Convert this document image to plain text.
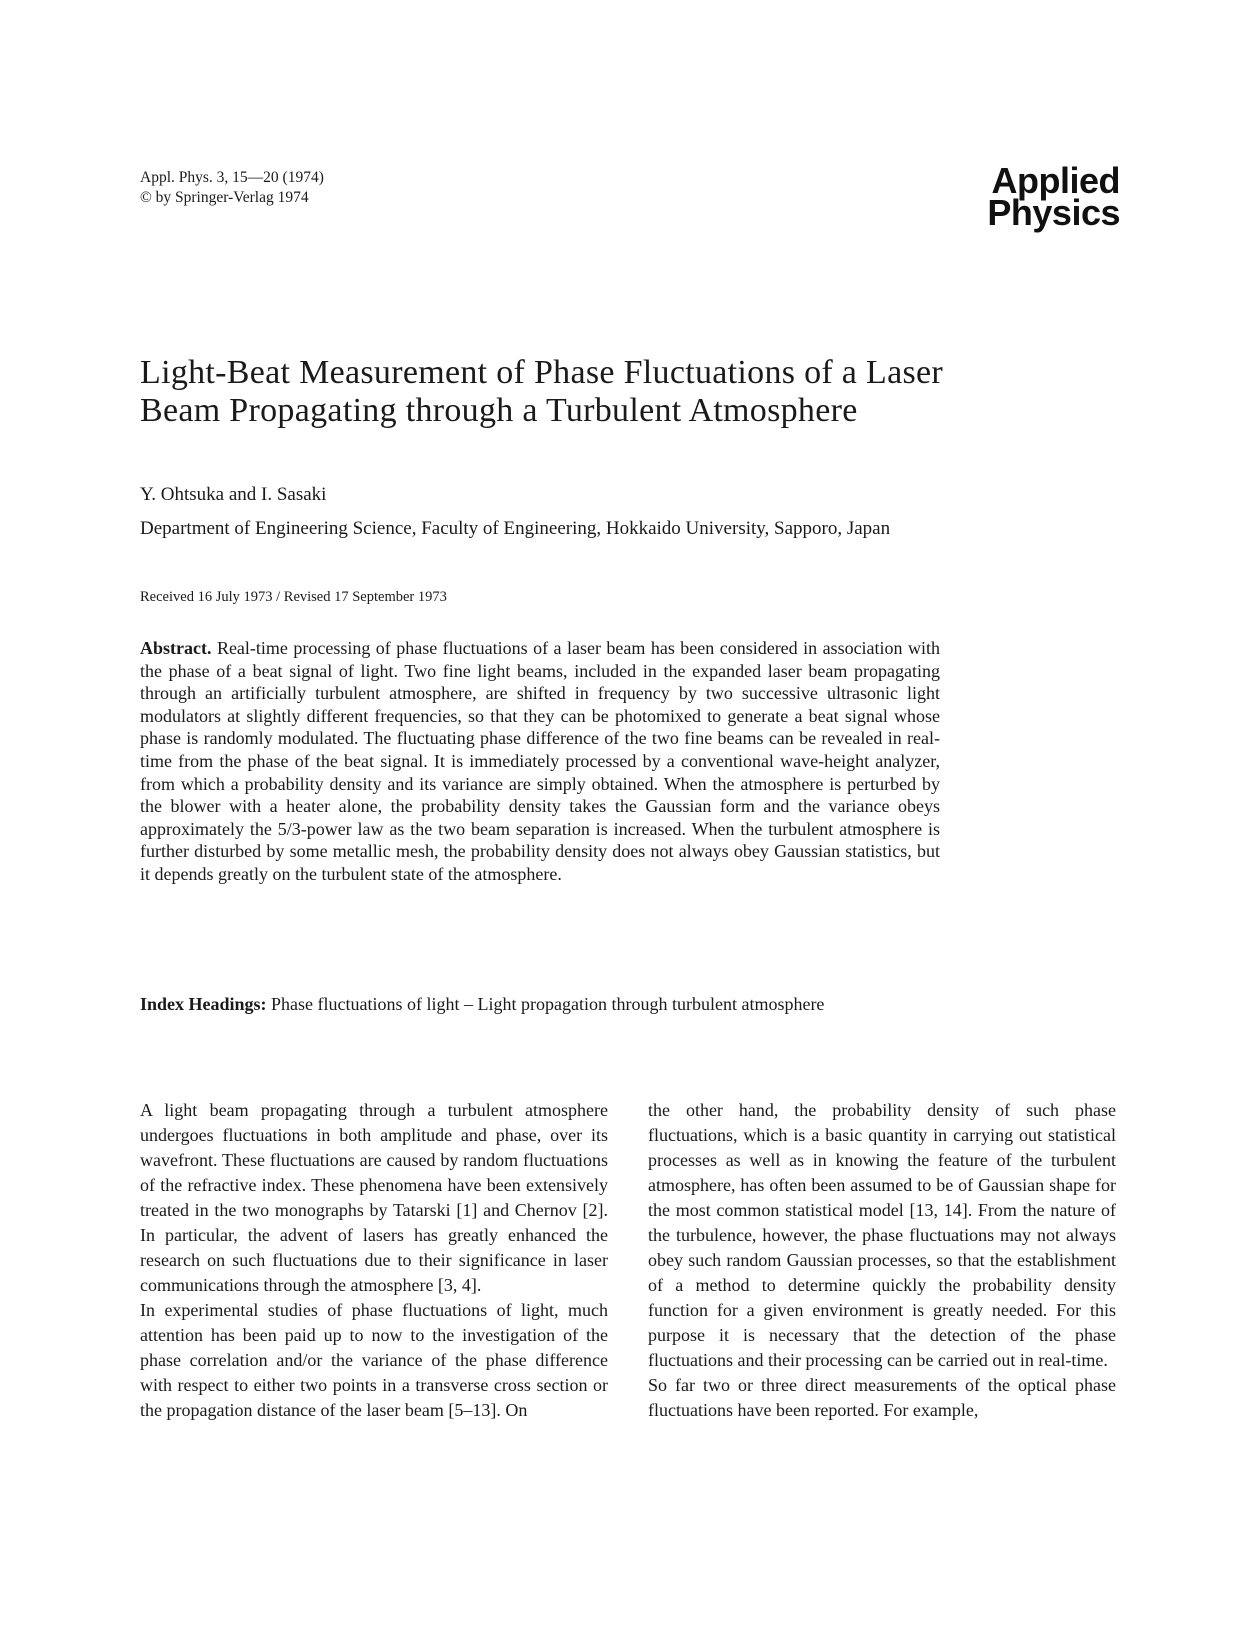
Appl. Phys. 3, 15—20 (1974)
© by Springer-Verlag 1974	Applied
Physics
Light-Beat Measurement of Phase Fluctuations of a Laser Beam Propagating through a Turbulent Atmosphere
Y. Ohtsuka and I. Sasaki
Department of Engineering Science, Faculty of Engineering, Hokkaido University, Sapporo, Japan
Received 16 July 1973 / Revised 17 September 1973

Abstract. Real-time processing of phase fluctuations of a laser beam has been considered in association with the phase of a beat signal of light. Two fine light beams, included in the expanded laser beam propagating through an artificially turbulent atmosphere, are shifted in frequency by two successive ultrasonic light modulators at slightly different frequencies, so that they can be photomixed to generate a beat signal whose phase is randomly modulated. The fluctuating phase difference of the two fine beams can be revealed in real-time from the phase of the beat signal. It is immediately processed by a conventional wave-height analyzer, from which a probability density and its variance are simply obtained. When the atmosphere is perturbed by the blower with a heater alone, the probability density takes the Gaussian form and the variance obeys approximately the 5/3-power law as the two beam separation is increased. When the turbulent atmosphere is further disturbed by some metallic mesh, the probability density does not always obey Gaussian statistics, but it depends greatly on the turbulent state of the atmosphere.

Index Headings: Phase fluctuations of light – Light propagation through turbulent atmosphere

A light beam propagating through a turbulent atmosphere undergoes fluctuations in both amplitude and phase, over its wavefront. These fluctuations are caused by random fluctuations of the refractive index. These phenomena have been extensively treated in the two monographs by Tatarski [1] and Chernov [2]. In particular, the advent of lasers has greatly enhanced the research on such fluctuations due to their significance in laser communications through the atmosphere [3, 4].

In experimental studies of phase fluctuations of light, much attention has been paid up to now to the investigation of the phase correlation and/or the variance of the phase difference with respect to either two points in a transverse cross section or the propagation distance of the laser beam [5–13]. On

the other hand, the probability density of such phase fluctuations, which is a basic quantity in carrying out statistical processes as well as in knowing the feature of the turbulent atmosphere, has often been assumed to be of Gaussian shape for the most common statistical model [13, 14]. From the nature of the turbulence, however, the phase fluctuations may not always obey such random Gaussian processes, so that the establishment of a method to determine quickly the probability density function for a given environment is greatly needed. For this purpose it is necessary that the detection of the phase fluctuations and their processing can be carried out in real-time.

So far two or three direct measurements of the optical phase fluctuations have been reported. For example,
